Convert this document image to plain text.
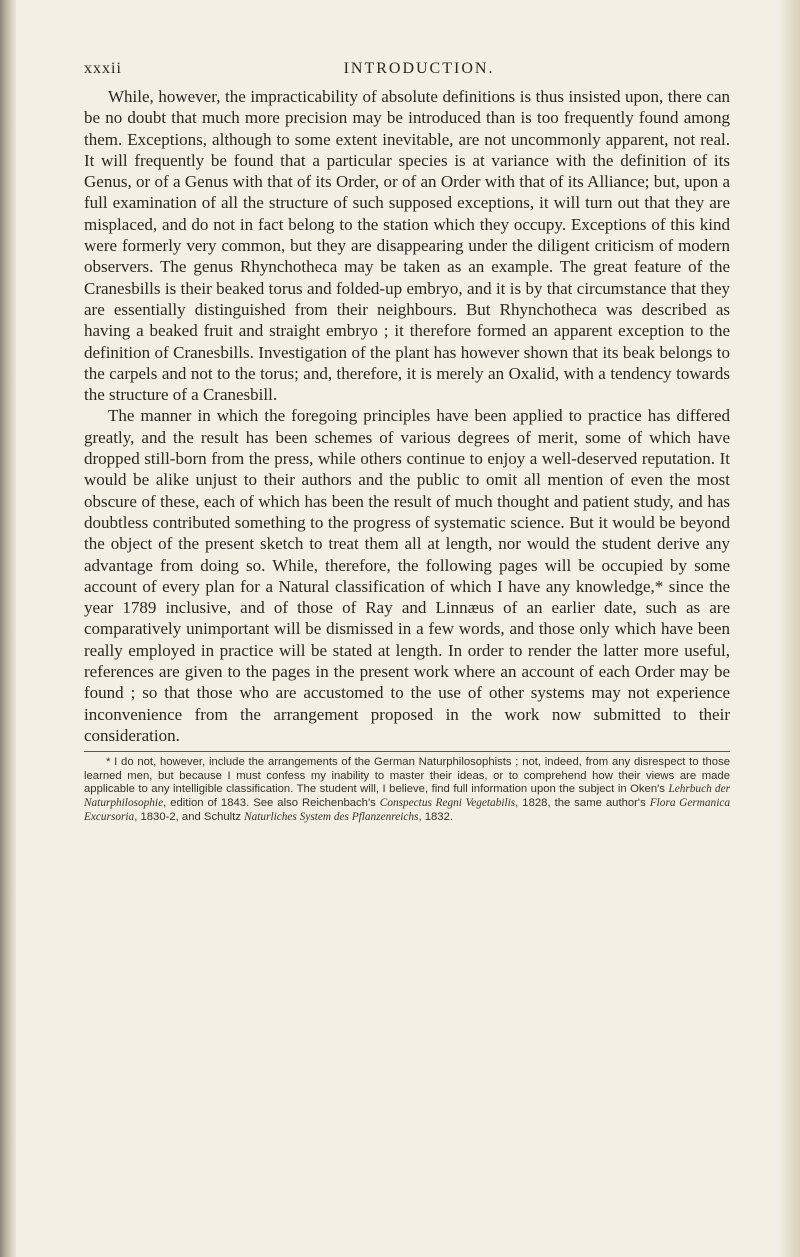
xxxii	INTRODUCTION.

While, however, the impracticability of absolute definitions is thus insisted upon, there can be no doubt that much more precision may be introduced than is too frequently found among them. Exceptions, although to some extent inevitable, are not uncommonly apparent, not real. It will frequently be found that a particular species is at variance with the definition of its Genus, or of a Genus with that of its Order, or of an Order with that of its Alliance; but, upon a full examination of all the structure of such supposed exceptions, it will turn out that they are misplaced, and do not in fact belong to the station which they occupy. Exceptions of this kind were formerly very common, but they are disappearing under the diligent criticism of modern observers. The genus Rhynchotheca may be taken as an example. The great feature of the Cranesbills is their beaked torus and folded-up embryo, and it is by that circumstance that they are essentially distinguished from their neighbours. But Rhynchotheca was described as having a beaked fruit and straight embryo ; it therefore formed an apparent exception to the definition of Cranesbills. Investigation of the plant has however shown that its beak belongs to the carpels and not to the torus; and, therefore, it is merely an Oxalid, with a tendency towards the structure of a Cranesbill.

The manner in which the foregoing principles have been applied to practice has differed greatly, and the result has been schemes of various degrees of merit, some of which have dropped still-born from the press, while others continue to enjoy a well-deserved reputation. It would be alike unjust to their authors and the public to omit all mention of even the most obscure of these, each of which has been the result of much thought and patient study, and has doubtless contributed something to the progress of systematic science. But it would be beyond the object of the present sketch to treat them all at length, nor would the student derive any advantage from doing so. While, therefore, the following pages will be occupied by some account of every plan for a Natural classification of which I have any knowledge,* since the year 1789 inclusive, and of those of Ray and Linnæus of an earlier date, such as are comparatively unimportant will be dismissed in a few words, and those only which have been really employed in practice will be stated at length. In order to render the latter more useful, references are given to the pages in the present work where an account of each Order may be found ; so that those who are accustomed to the use of other systems may not experience inconvenience from the arrangement proposed in the work now submitted to their consideration.

* I do not, however, include the arrangements of the German Naturphilosophists ; not, indeed, from any disrespect to those learned men, but because I must confess my inability to master their ideas, or to comprehend how their views are made applicable to any intelligible classification. The student will, I believe, find full information upon the subject in Oken's Lehrbuch der Naturphilosophie, edition of 1843. See also Reichenbach's Conspectus Regni Vegetabilis, 1828, the same author's Flora Germanica Excursoria, 1830-2, and Schultz Naturliches System des Pflanzenreichs, 1832.
